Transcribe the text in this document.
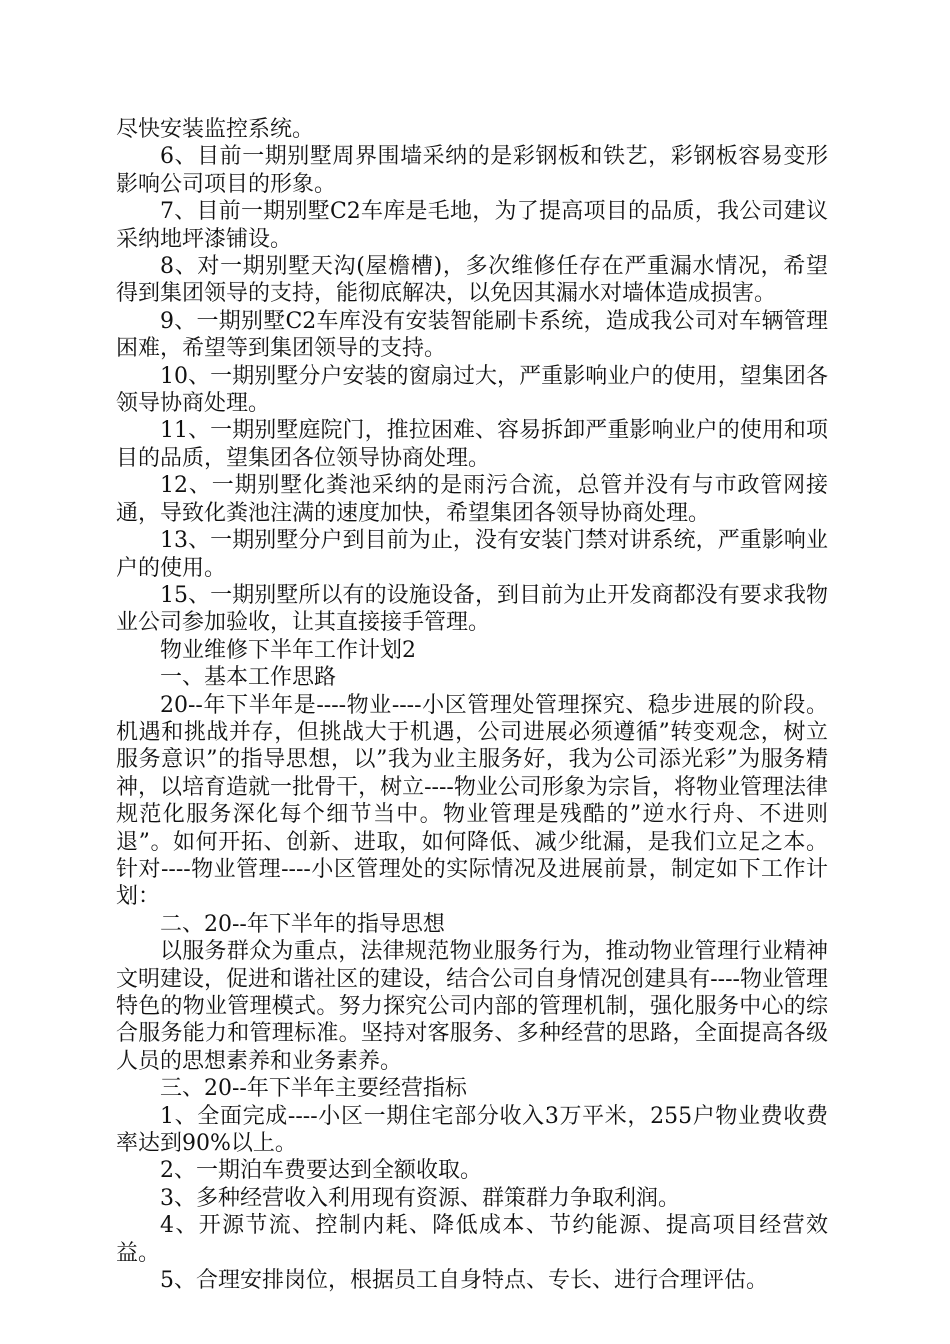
尽快安装监控系统。

6、目前一期别墅周界围墙采纳的是彩钢板和铁艺，彩钢板容易变形影响公司项目的形象。

7、目前一期别墅C2车库是毛地，为了提高项目的品质，我公司建议采纳地坪漆铺设。

8、对一期别墅天沟(屋檐槽)，多次维修任存在严重漏水情况，希望得到集团领导的支持，能彻底解决，以免因其漏水对墙体造成损害。

9、一期别墅C2车库没有安装智能刷卡系统，造成我公司对车辆管理困难，希望等到集团领导的支持。

10、一期别墅分户安装的窗扇过大，严重影响业户的使用，望集团各领导协商处理。

11、一期别墅庭院门，推拉困难、容易拆卸严重影响业户的使用和项目的品质，望集团各位领导协商处理。

12、一期别墅化粪池采纳的是雨污合流，总管并没有与市政管网接通，导致化粪池注满的速度加快，希望集团各领导协商处理。

13、一期别墅分户到目前为止，没有安装门禁对讲系统，严重影响业户的使用。

15、一期别墅所以有的设施设备，到目前为止开发商都没有要求我物业公司参加验收，让其直接接手管理。

物业维修下半年工作计划2

一、基本工作思路

20--年下半年是----物业----小区管理处管理探究、稳步进展的阶段。机遇和挑战并存，但挑战大于机遇，公司进展必须遵循”转变观念，树立服务意识”的指导思想，以”我为业主服务好，我为公司添光彩”为服务精神，以培育造就一批骨干，树立----物业公司形象为宗旨，将物业管理法律规范化服务深化每个细节当中。物业管理是残酷的”逆水行舟、不进则退”。如何开拓、创新、进取，如何降低、减少纰漏，是我们立足之本。针对----物业管理----小区管理处的实际情况及进展前景，制定如下工作计划：

二、20--年下半年的指导思想

以服务群众为重点，法律规范物业服务行为，推动物业管理行业精神文明建设，促进和谐社区的建设，结合公司自身情况创建具有----物业管理特色的物业管理模式。努力探究公司内部的管理机制，强化服务中心的综合服务能力和管理标准。坚持对客服务、多种经营的思路，全面提高各级人员的思想素养和业务素养。

三、20--年下半年主要经营指标

1、全面完成----小区一期住宅部分收入3万平米，255户物业费收费率达到90%以上。

2、一期泊车费要达到全额收取。

3、多种经营收入利用现有资源、群策群力争取利润。

4、开源节流、控制内耗、降低成本、节约能源、提高项目经营效益。

5、合理安排岗位，根据员工自身特点、专长、进行合理评估。
